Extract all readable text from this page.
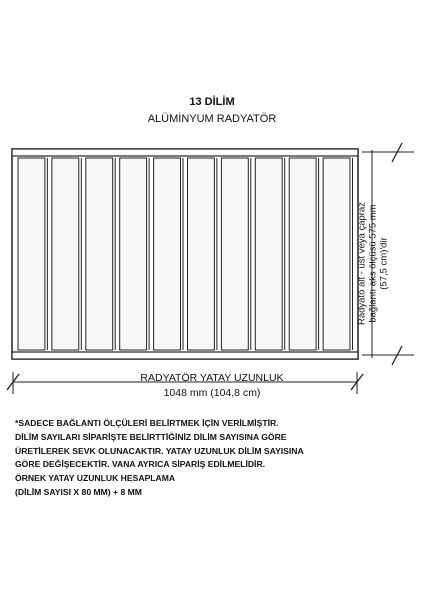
13 DİLİM
ALÜMİNYUM RADYATÖR
RADYATÖR YATAY UZUNLUK
1048 mm (104,8 cm)
Radyatö alt - üst veya çapraz bağlantı aks ölçüsü 575 mm (57,5 cm)'dir
*SADECE BAĞLANTI ÖLÇÜLERİ BELİRTMEK İÇİN VERİLMİŞTİR.
DİLİM SAYILARI SİPARİŞTE BELİRTTİĞİNİZ DİLİM SAYISINA GÖRE
ÜRETİLEREK SEVK OLUNACAKTIR. YATAY UZUNLUK DİLİM SAYISINA
GÖRE DEĞİŞECEKTİR. VANA AYRICA SİPARİŞ EDİLMELİDİR.
ÖRNEK YATAY UZUNLUK HESAPLAMA
(DİLİM SAYISI X 80 MM) + 8 MM
